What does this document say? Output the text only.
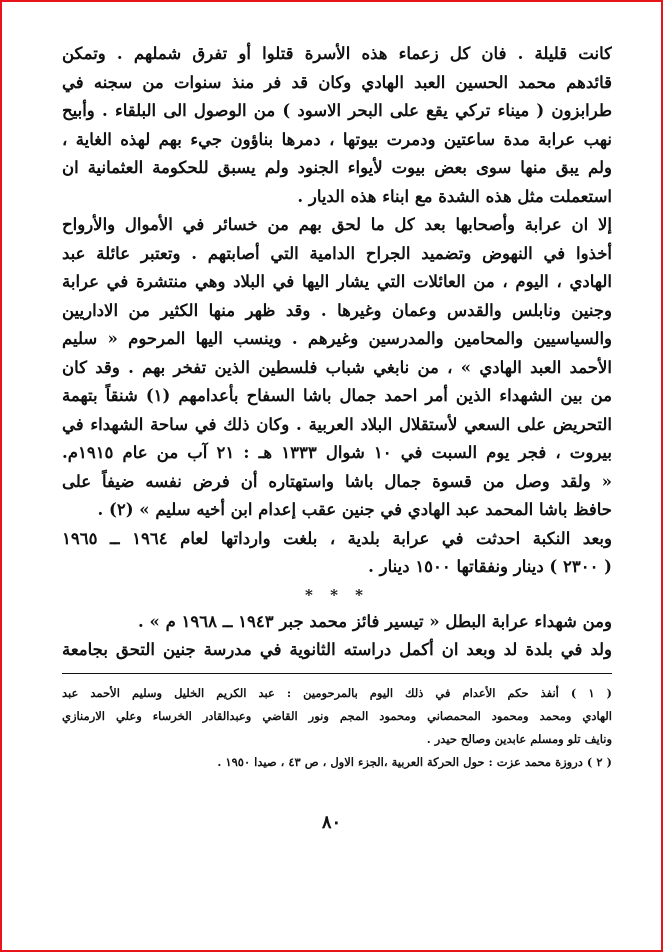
كانت قليلة . فان كل زعماء هذه الأسرة قتلوا أو تفرق شملهم . وتمكن
قائدهم محمد الحسين العبد الهادي وكان قد فر منذ سنوات من سجنه في
طرابزون ( ميناء تركي يقع على البحر الاسود ) من الوصول الى البلقاء . وأبيح
نهب عرابة مدة ساعتين ودمرت بيوتها ، دمرها بناؤون جيء بهم لهذه الغاية ،
ولم يبق منها سوى بعض بيوت لأيواء الجنود ولم يسبق للحكومة العثمانية ان
استعملت مثل هذه الشدة مع ابناء هذه الديار .
إلا ان عرابة وأصحابها بعد كل ما لحق بهم من خسائر في الأموال والأرواح
أخذوا في النهوض وتضميد الجراح الدامية التي أصابتهم . وتعتبر عائلة عبد
الهادي ، اليوم ، من العائلات التي يشار اليها في البلاد وهي منتشرة في عرابة
وجنين ونابلس والقدس وعمان وغيرها . وقد ظهر منها الكثير من الاداريين
والسياسيين والمحامين والمدرسين وغيرهم . وينسب اليها المرحوم « سليم
الأحمد العبد الهادي » ، من نابغي شباب فلسطين الذين تفخر بهم . وقد كان
من بين الشهداء الذين أمر احمد جمال باشا السفاح بأعدامهم (١) شنقاً بتهمة
التحريض على السعي لأستقلال البلاد العربية . وكان ذلك في ساحة الشهداء في
بيروت ، فجر يوم السبت في ١٠ شوال ١٣٣٣ هـ : ٢١ آب من عام ١٩١٥م.
« ولقد وصل من قسوة جمال باشا واستهتاره أن فرض نفسه ضيفاً على
حافظ باشا المحمد عبد الهادي في جنين عقب إعدام ابن أخيه سليم » (٢) .
وبعد النكبة احدثت في عرابة بلدية ، بلغت وارداتها لعام ١٩٦٤ ــ ١٩٦٥
( ٢٣٠٠ ) دينار ونفقاتها ١٥٠٠ دينار .
* * *
ومن شهداء عرابة البطل « تيسير فائز محمد جبر ١٩٤٣ ــ ١٩٦٨ م » .
ولد في بلدة لد وبعد ان أكمل دراسته الثانوية في مدرسة جنين التحق بجامعة
( ١ ) أنفذ حكم الأعدام في ذلك اليوم بالمرحومين : عبد الكريم الخليل وسليم الأحمد عبد
الهادي ومحمد ومحمود المحمصاني ومحمود المجم ونور القاضي وعبدالقادر الخرساء وعلي الارمنازي
ونايف تلو ومسلم عابدين وصالح حيدر .
( ٢ ) دروزة محمد عزت : حول الحركة العربية ،الجزء الاول ، ص ٤٣ ، صيدا ١٩٥٠ .
٨٠
